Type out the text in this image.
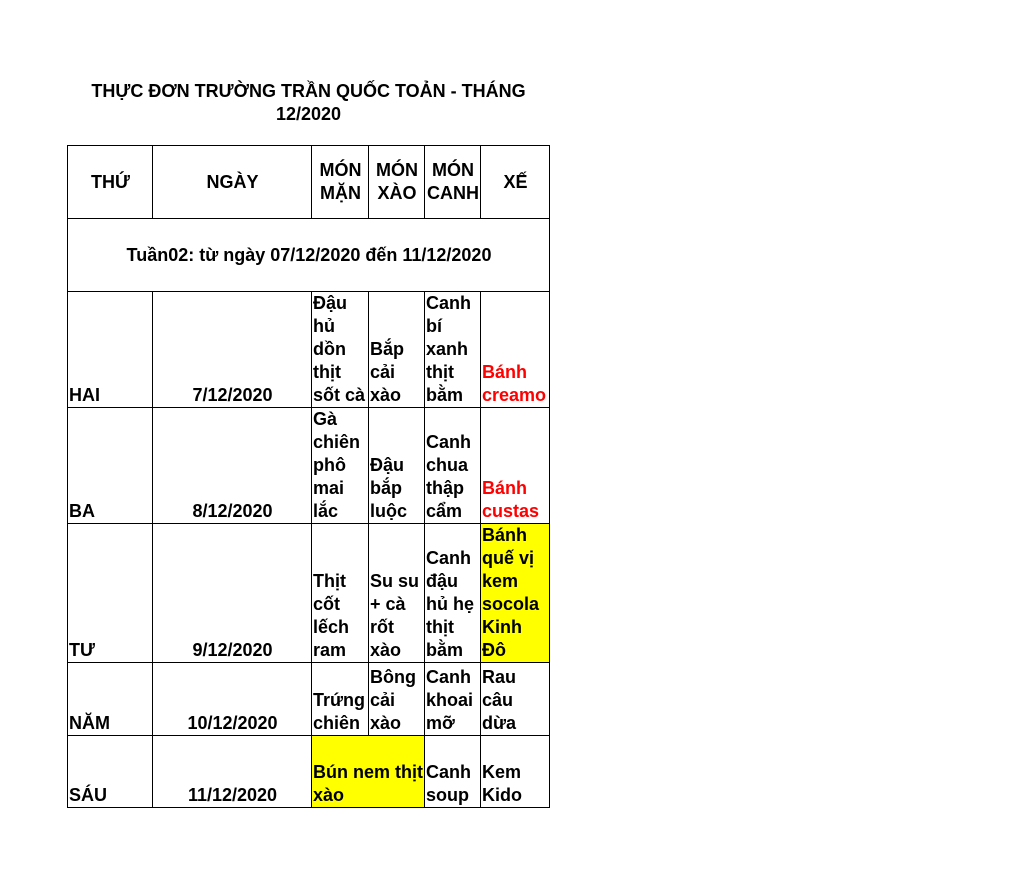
THỰC ĐƠN TRƯỜNG TRẦN QUỐC TOẢN - THÁNG 12/2020
THỨ	NGÀY	MÓN MẶN	MÓN XÀO	MÓN CANH	XẾ
Tuần02: từ ngày 07/12/2020 đến 11/12/2020					
HAI	7/12/2020	Đậu hủ dồn thịt sốt cà	Bắp cải xào	Canh bí xanh thịt bằm	Bánh creamo
BA	8/12/2020	Gà chiên phô mai lắc	Đậu bắp luộc	Canh chua thập cẩm	Bánh custas
TƯ	9/12/2020	Thịt cốt lếch ram	Su su + cà rốt xào	Canh đậu hủ hẹ thịt bằm	Bánh quế vị kem socola Kinh Đô
NĂM	10/12/2020	Trứng chiên	Bông cải xào	Canh khoai mỡ	Rau câu dừa
SÁU	11/12/2020	Bún nem thịt xào		Canh soup	Kem Kido
